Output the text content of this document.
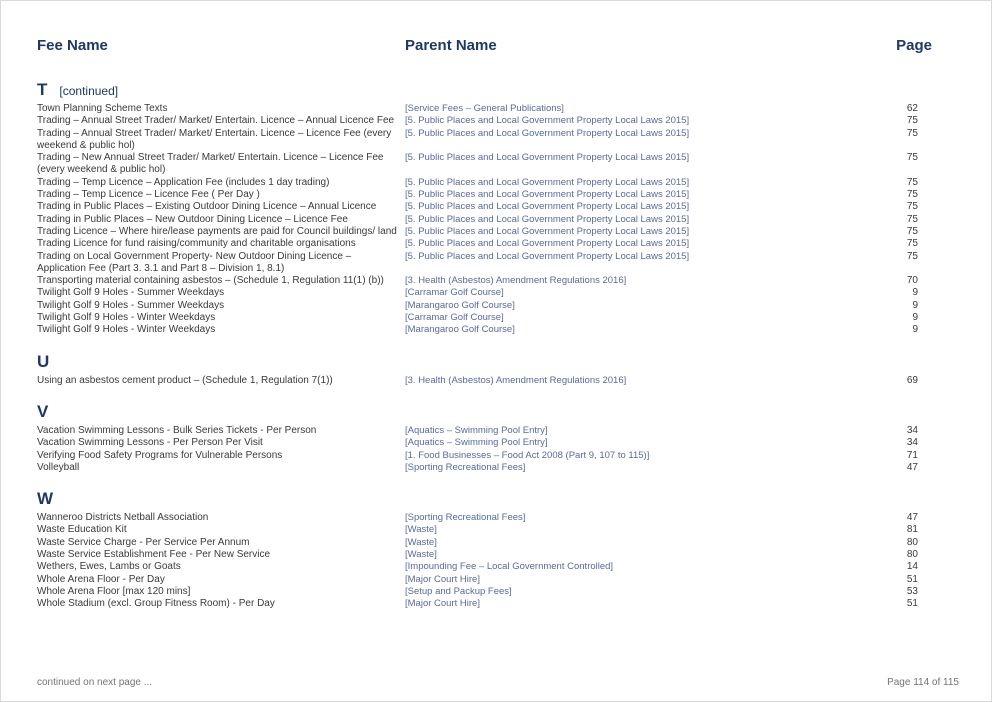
Fee Name	Parent Name	Page
T [continued]
Town Planning Scheme Texts	[Service Fees – General Publications]	62
Trading – Annual Street Trader/ Market/ Entertain. Licence – Annual Licence Fee	[5. Public Places and Local Government Property Local Laws 2015]	75
Trading – Annual Street Trader/ Market/ Entertain. Licence – Licence Fee (every weekend & public hol)
[5. Public Places and Local Government Property Local Laws 2015]	75
Trading – New Annual Street Trader/ Market/ Entertain. Licence – Licence Fee (every weekend & public hol)
[5. Public Places and Local Government Property Local Laws 2015]	75
Trading – Temp Licence – Application Fee (includes 1 day trading)	[5. Public Places and Local Government Property Local Laws 2015]	75
Trading – Temp Licence – Licence Fee ( Per Day )	[5. Public Places and Local Government Property Local Laws 2015]	75
Trading in Public Places – Existing Outdoor Dining Licence – Annual Licence	[5. Public Places and Local Government Property Local Laws 2015]	75
Trading in Public Places – New Outdoor Dining Licence – Licence Fee	[5. Public Places and Local Government Property Local Laws 2015]	75
Trading Licence – Where hire/lease payments are paid for Council buildings/ land [5. Public Places and Local Government Property Local Laws 2015]	75
Trading Licence for fund raising/community and charitable organisations	[5. Public Places and Local Government Property Local Laws 2015]	75
Trading on Local Government Property- New Outdoor Dining Licence – Application Fee (Part 3. 3.1 and Part 8 – Division 1, 8.1)
[5. Public Places and Local Government Property Local Laws 2015]	75
Transporting material containing asbestos – (Schedule 1, Regulation 11(1) (b))	[3. Health (Asbestos) Amendment Regulations 2016]	70
Twilight Golf 9 Holes - Summer Weekdays	[Carramar Golf Course]	9
Twilight Golf 9 Holes - Summer Weekdays	[Marangaroo Golf Course]	9
Twilight Golf 9 Holes - Winter Weekdays	[Carramar Golf Course]	9
Twilight Golf 9 Holes - Winter Weekdays	[Marangaroo Golf Course]	9
U
Using an asbestos cement product – (Schedule 1, Regulation 7(1))	[3. Health (Asbestos) Amendment Regulations 2016]	69
V
Vacation Swimming Lessons - Bulk Series Tickets - Per Person	[Aquatics – Swimming Pool Entry]	34
Vacation Swimming Lessons - Per Person Per Visit	[Aquatics – Swimming Pool Entry]	34
Verifying Food Safety Programs for Vulnerable Persons	[1. Food Businesses – Food Act 2008 (Part 9, 107 to 115)]	71
Volleyball	[Sporting Recreational Fees]	47
W
Wanneroo Districts Netball Association	[Sporting Recreational Fees]	47
Waste Education Kit	[Waste]	81
Waste Service Charge - Per Service Per Annum	[Waste]	80
Waste Service Establishment Fee - Per New Service	[Waste]	80
Wethers, Ewes, Lambs or Goats	[Impounding Fee – Local Government Controlled]	14
Whole Arena Floor - Per Day	[Major Court Hire]	51
Whole Arena Floor [max 120 mins]	[Setup and Packup Fees]	53
Whole Stadium (excl. Group Fitness Room) - Per Day	[Major Court Hire]	51
continued on next page ...	Page 114 of 115
